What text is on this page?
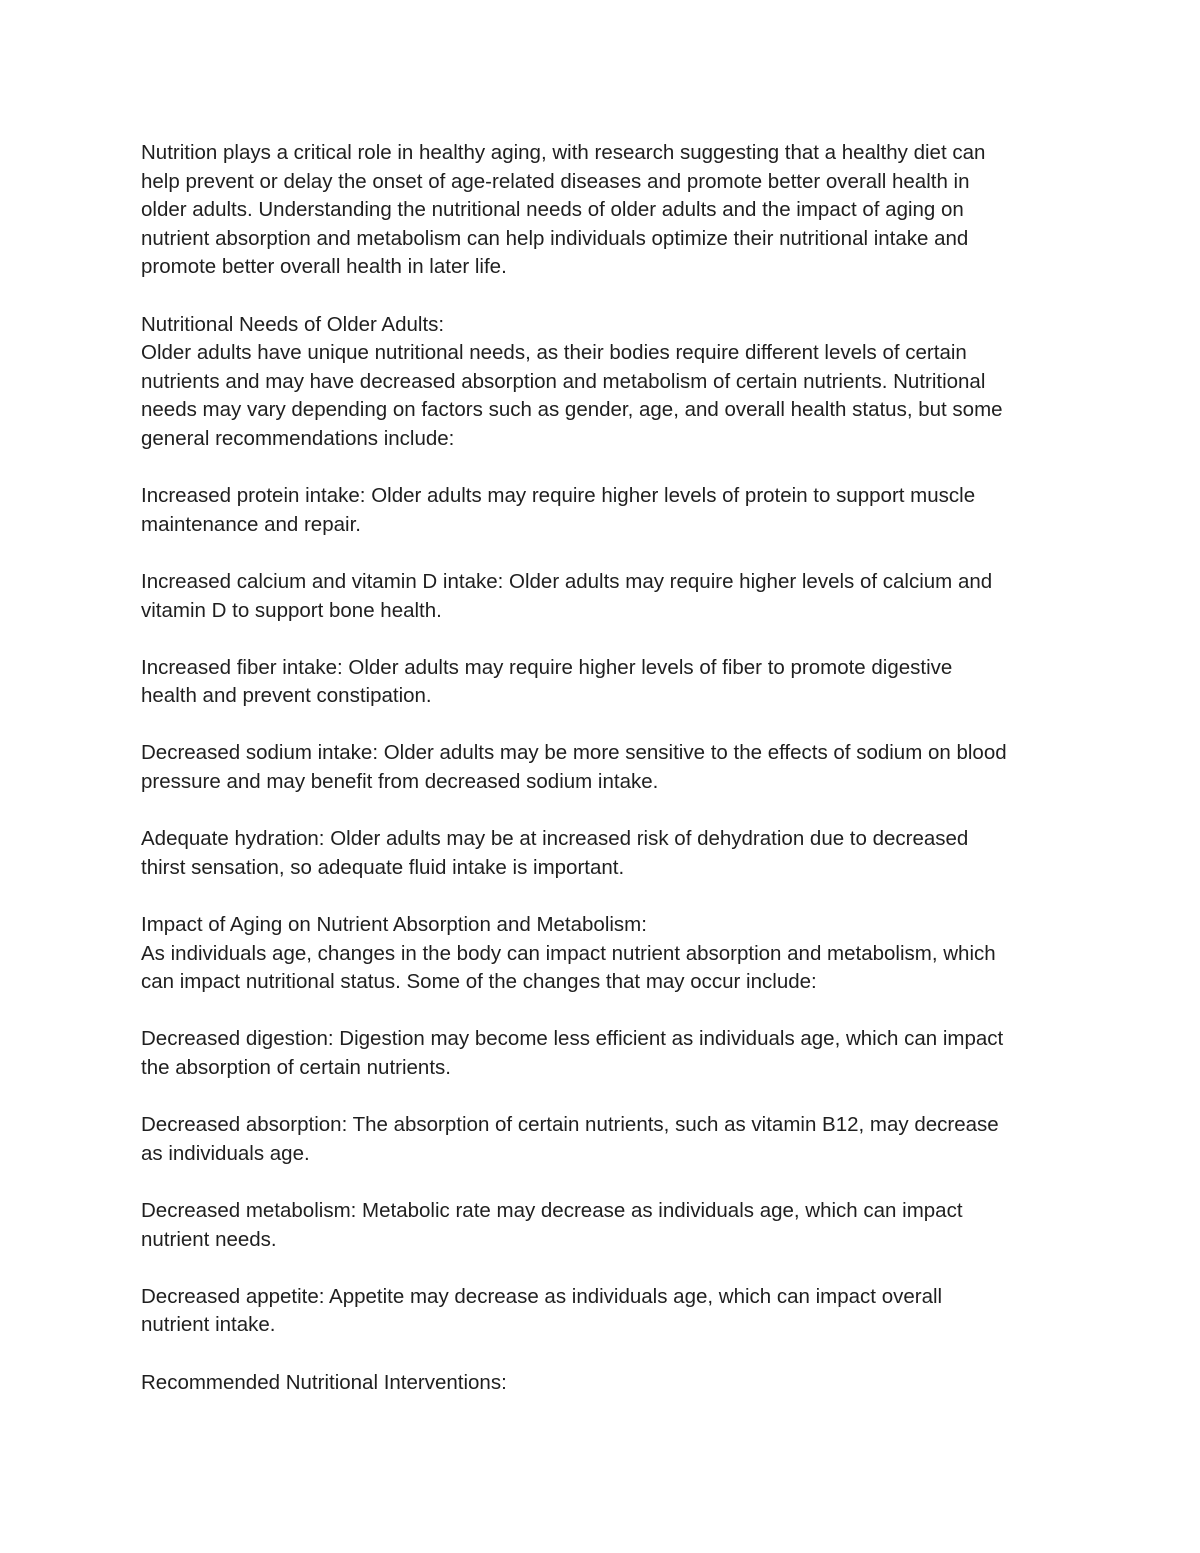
Nutrition plays a critical role in healthy aging, with research suggesting that a healthy diet can
help prevent or delay the onset of age-related diseases and promote better overall health in
older adults. Understanding the nutritional needs of older adults and the impact of aging on
nutrient absorption and metabolism can help individuals optimize their nutritional intake and
promote better overall health in later life.

Nutritional Needs of Older Adults:

Older adults have unique nutritional needs, as their bodies require different levels of certain
nutrients and may have decreased absorption and metabolism of certain nutrients. Nutritional
needs may vary depending on factors such as gender, age, and overall health status, but some
general recommendations include:

Increased protein intake: Older adults may require higher levels of protein to support muscle
maintenance and repair.

Increased calcium and vitamin D intake: Older adults may require higher levels of calcium and
vitamin D to support bone health.

Increased fiber intake: Older adults may require higher levels of fiber to promote digestive
health and prevent constipation.

Decreased sodium intake: Older adults may be more sensitive to the effects of sodium on blood
pressure and may benefit from decreased sodium intake.

Adequate hydration: Older adults may be at increased risk of dehydration due to decreased
thirst sensation, so adequate fluid intake is important.

Impact of Aging on Nutrient Absorption and Metabolism:

As individuals age, changes in the body can impact nutrient absorption and metabolism, which
can impact nutritional status. Some of the changes that may occur include:

Decreased digestion: Digestion may become less efficient as individuals age, which can impact
the absorption of certain nutrients.

Decreased absorption: The absorption of certain nutrients, such as vitamin B12, may decrease
as individuals age.

Decreased metabolism: Metabolic rate may decrease as individuals age, which can impact
nutrient needs.

Decreased appetite: Appetite may decrease as individuals age, which can impact overall
nutrient intake.

Recommended Nutritional Interventions:
